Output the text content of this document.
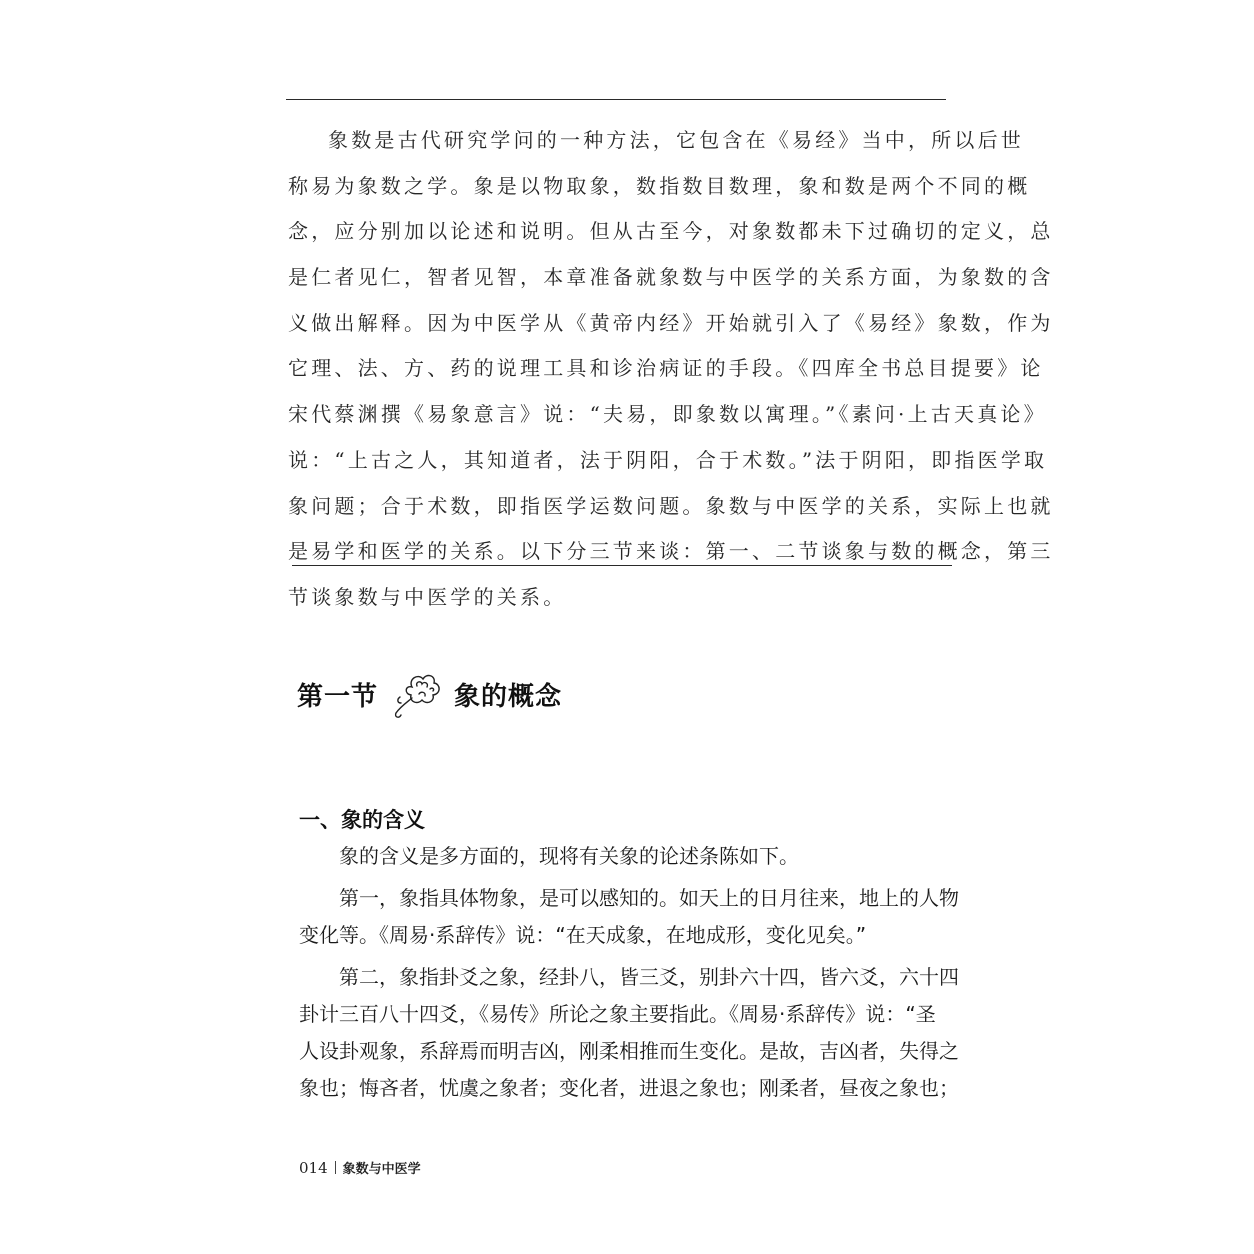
象数是古代研究学问的一种方法，它包含在《易经》当中，所以后世
称易为象数之学。象是以物取象，数指数目数理，象和数是两个不同的概
念，应分别加以论述和说明。但从古至今，对象数都未下过确切的定义，总
是仁者见仁，智者见智，本章准备就象数与中医学的关系方面，为象数的含
义做出解释。因为中医学从《黄帝内经》开始就引入了《易经》象数，作为
它理、法、方、药的说理工具和诊治病证的手段。《四库全书总目提要》论
宋代蔡渊撰《易象意言》说：“夫易，即象数以寓理。”《素问·上古天真论》
说：“上古之人，其知道者，法于阴阳，合于术数。”法于阴阳，即指医学取
象问题；合于术数，即指医学运数问题。象数与中医学的关系，实际上也就
是易学和医学的关系。以下分三节来谈：第一、二节谈象与数的概念，第三
节谈象数与中医学的关系。
第一节	象的概念
一、象的含义
象的含义是多方面的，现将有关象的论述条陈如下。
第一，象指具体物象，是可以感知的。如天上的日月往来，地上的人物
变化等。《周易·系辞传》说：“在天成象，在地成形，变化见矣。”
第二，象指卦爻之象，经卦八，皆三爻，别卦六十四，皆六爻，六十四
卦计三百八十四爻，《易传》所论之象主要指此。《周易·系辞传》说：“圣
人设卦观象，系辞焉而明吉凶，刚柔相推而生变化。是故，吉凶者，失得之
象也；悔吝者，忧虞之象者；变化者，进退之象也；刚柔者，昼夜之象也；
014 象数与中医学
